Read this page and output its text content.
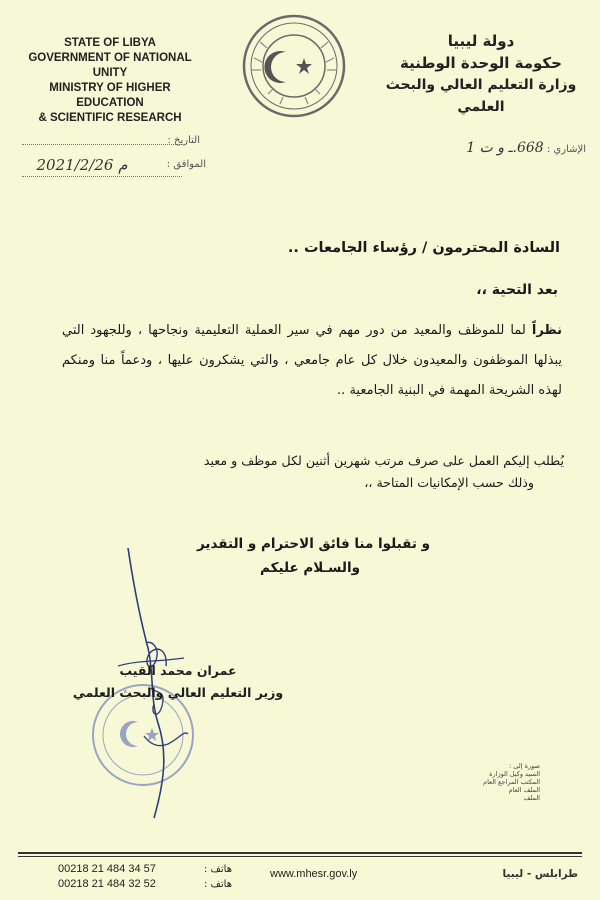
STATE OF LIBYA
GOVERNMENT OF NATIONAL UNITY
MINISTRY OF HIGHER EDUCATION
& SCIENTIFIC RESEARCH
دولة ليبيا
حكومة الوحدة الوطنية
وزارة التعليم العالي والبحث العلمي
الإشاري : 668.ـ و ت 1
التاريخ :
الموافق :
2021/2/26 م
السادة المحترمون / رؤساء الجامعات ..
بعد التحية ،،
نظراً لما للموظف والمعيد من دور مهم في سير العملية التعليمية ونجاحها ، وللجهود التي يبذلها الموظفون والمعيدون خلال كل عام جامعي ، والتي يشكرون عليها ، ودعماً منا ومنكم لهذه الشريحة المهمة في البنية الجامعية ..
يُطلب إليكم العمل على صرف مرتب شهرين أثنين لكل موظف و معيد
وذلك حسب الإمكانيات المتاحة ،،
و تقبلوا منا فائق الاحترام و التقدير
والسـلام عليكم
عمران محمد القيب
وزير التعليم العالي والبحث العلمي
صورة إلى :
السيد وكيل الوزارة
المكتب المراجع العام
الملف العام
الملف
00218 21 484 34 57
00218 21 484 32 52
هاتف :
هاتف :
www.mhesr.gov.ly	طرابلس - ليبيا
